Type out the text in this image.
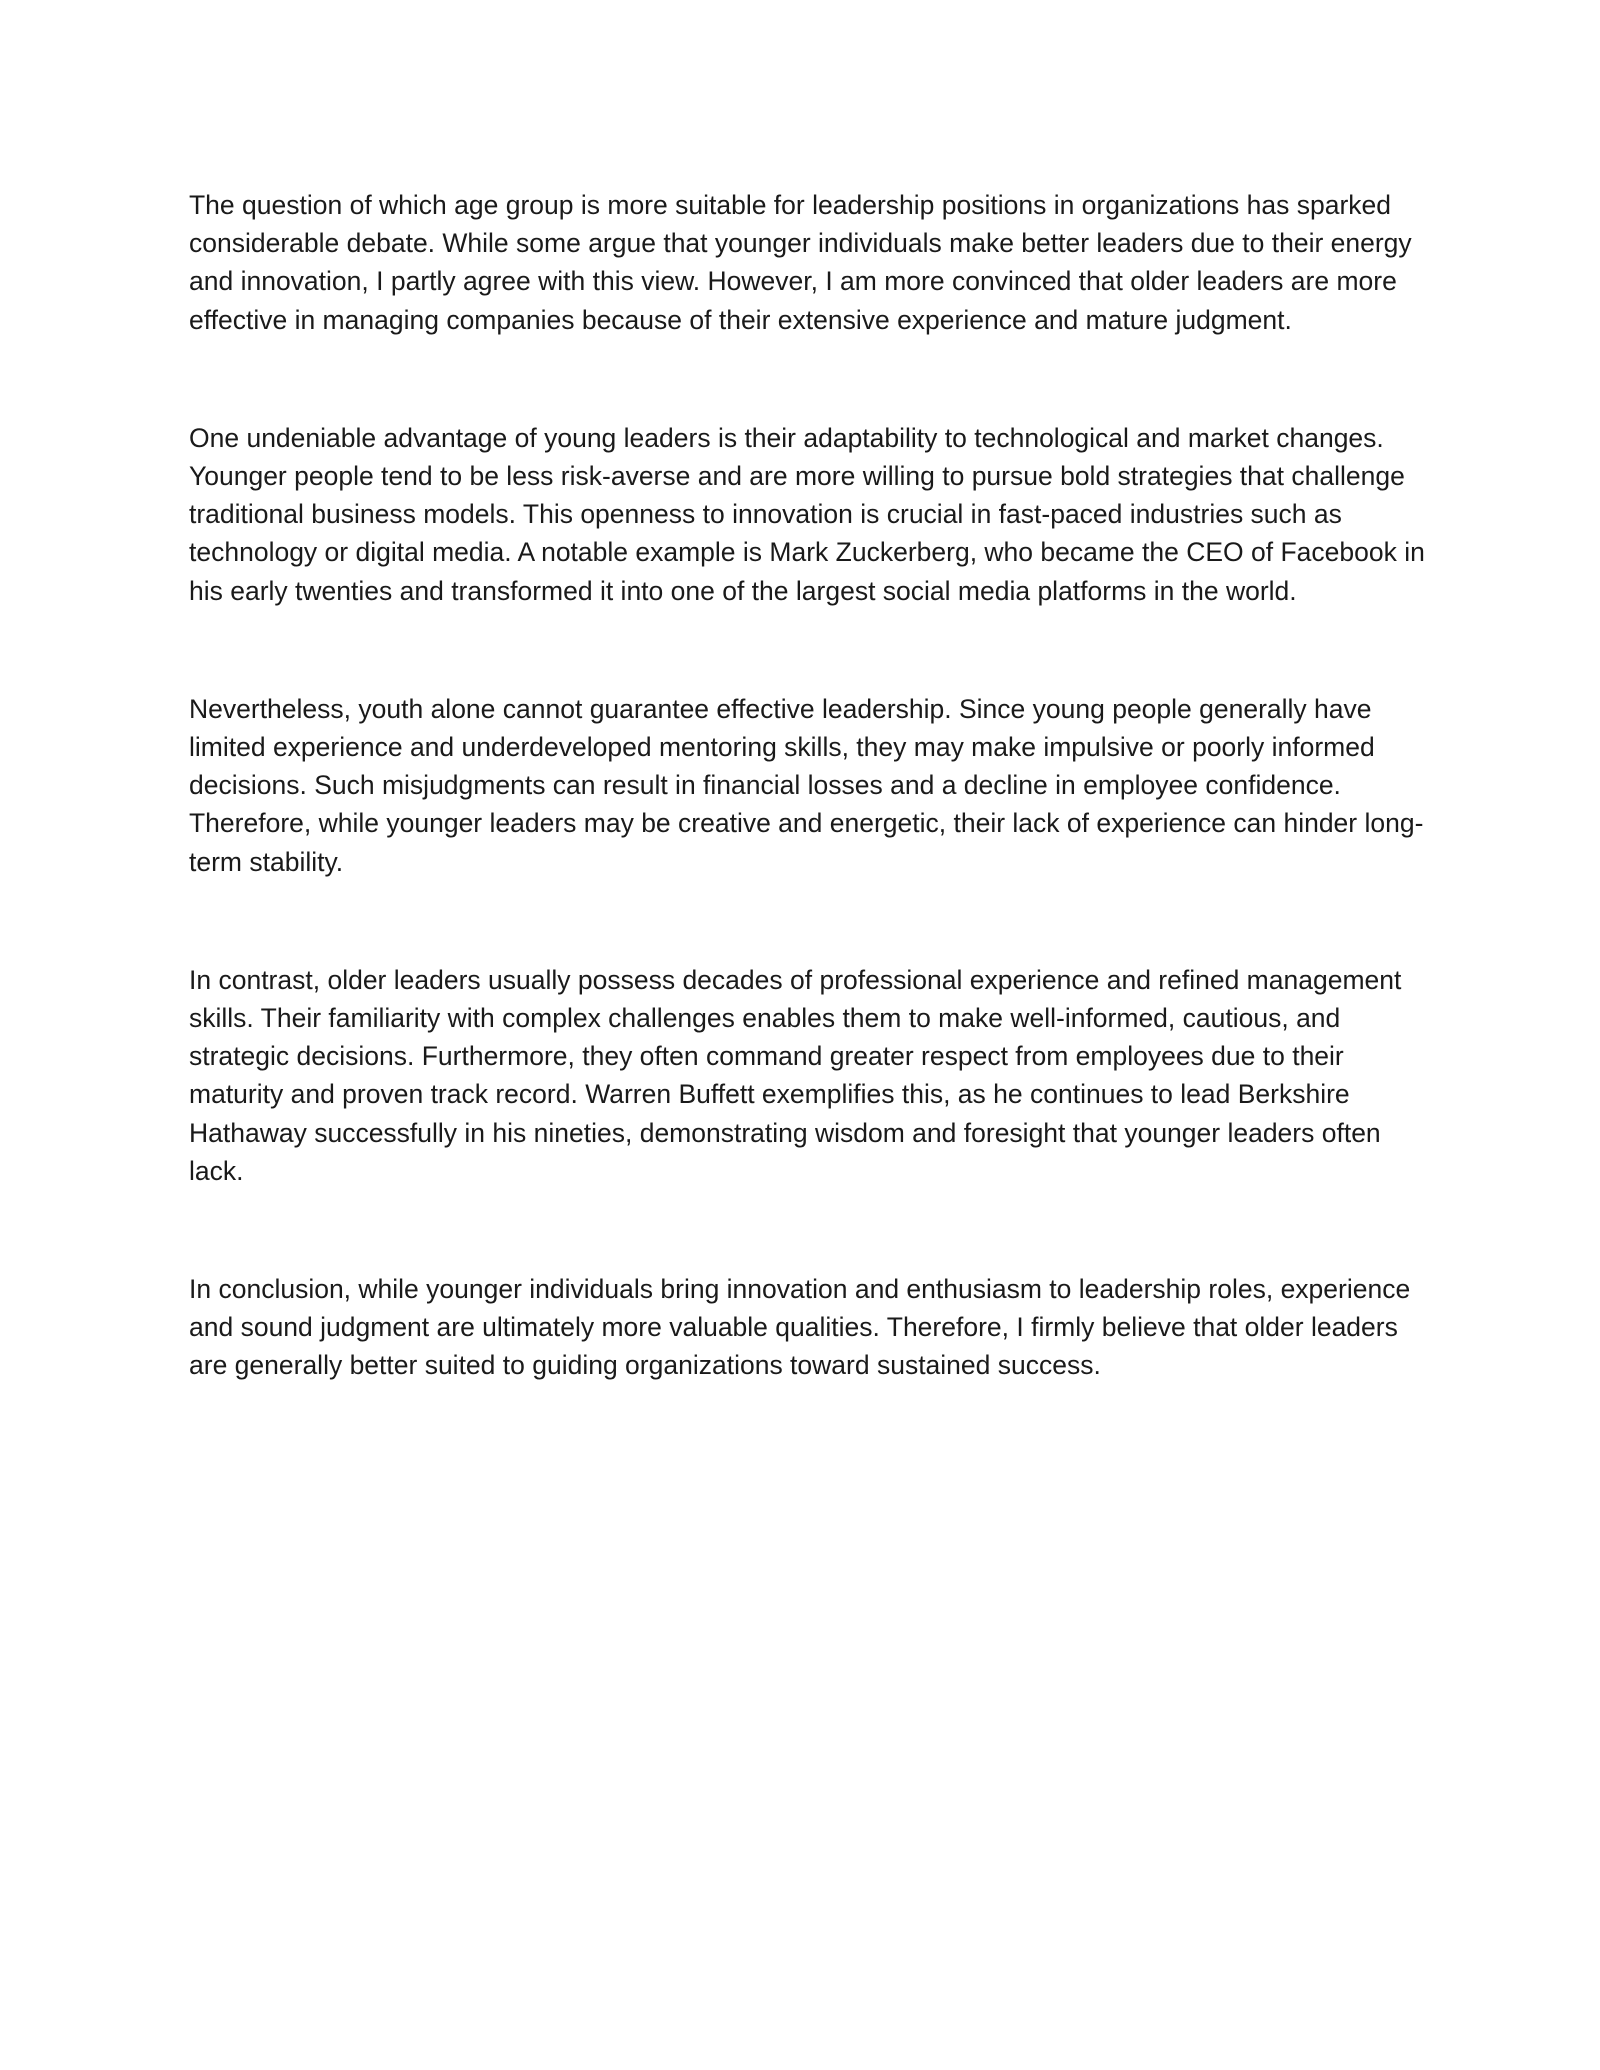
The question of which age group is more suitable for leadership positions in organizations has sparked considerable debate. While some argue that younger individuals make better leaders due to their energy and innovation, I partly agree with this view. However, I am more convinced that older leaders are more effective in managing companies because of their extensive experience and mature judgment.

One undeniable advantage of young leaders is their adaptability to technological and market changes. Younger people tend to be less risk-averse and are more willing to pursue bold strategies that challenge traditional business models. This openness to innovation is crucial in fast-paced industries such as technology or digital media. A notable example is Mark Zuckerberg, who became the CEO of Facebook in his early twenties and transformed it into one of the largest social media platforms in the world.

Nevertheless, youth alone cannot guarantee effective leadership. Since young people generally have limited experience and underdeveloped mentoring skills, they may make impulsive or poorly informed decisions. Such misjudgments can result in financial losses and a decline in employee confidence. Therefore, while younger leaders may be creative and energetic, their lack of experience can hinder long-term stability.

In contrast, older leaders usually possess decades of professional experience and refined management skills. Their familiarity with complex challenges enables them to make well-informed, cautious, and strategic decisions. Furthermore, they often command greater respect from employees due to their maturity and proven track record. Warren Buffett exemplifies this, as he continues to lead Berkshire Hathaway successfully in his nineties, demonstrating wisdom and foresight that younger leaders often lack.

In conclusion, while younger individuals bring innovation and enthusiasm to leadership roles, experience and sound judgment are ultimately more valuable qualities. Therefore, I firmly believe that older leaders are generally better suited to guiding organizations toward sustained success.
